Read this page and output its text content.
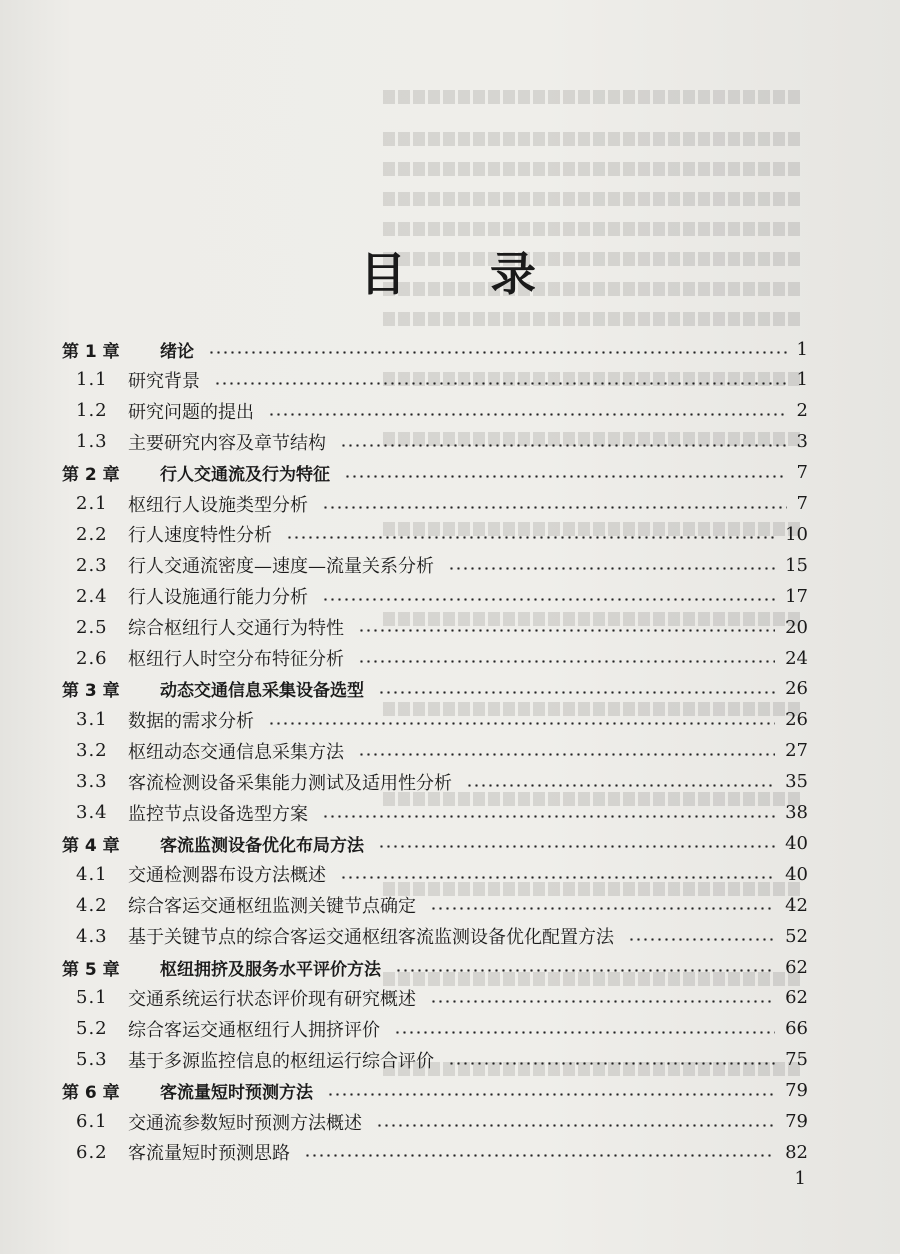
目 录
第 1 章 绪论	1
1.1 研究背景	1
1.2 研究问题的提出	2
1.3 主要研究内容及章节结构	3
第 2 章 行人交通流及行为特征	7
2.1 枢纽行人设施类型分析	7
2.2 行人速度特性分析	10
2.3 行人交通流密度—速度—流量关系分析	15
2.4 行人设施通行能力分析	17
2.5 综合枢纽行人交通行为特性	20
2.6 枢纽行人时空分布特征分析	24
第 3 章 动态交通信息采集设备选型	26
3.1 数据的需求分析	26
3.2 枢纽动态交通信息采集方法	27
3.3 客流检测设备采集能力测试及适用性分析	35
3.4 监控节点设备选型方案	38
第 4 章 客流监测设备优化布局方法	40
4.1 交通检测器布设方法概述	40
4.2 综合客运交通枢纽监测关键节点确定	42
4.3 基于关键节点的综合客运交通枢纽客流监测设备优化配置方法	52
第 5 章 枢纽拥挤及服务水平评价方法	62
5.1 交通系统运行状态评价现有研究概述	62
5.2 综合客运交通枢纽行人拥挤评价	66
5.3 基于多源监控信息的枢纽运行综合评价	75
第 6 章 客流量短时预测方法	79
6.1 交通流参数短时预测方法概述	79
6.2 客流量短时预测思路	82
1
